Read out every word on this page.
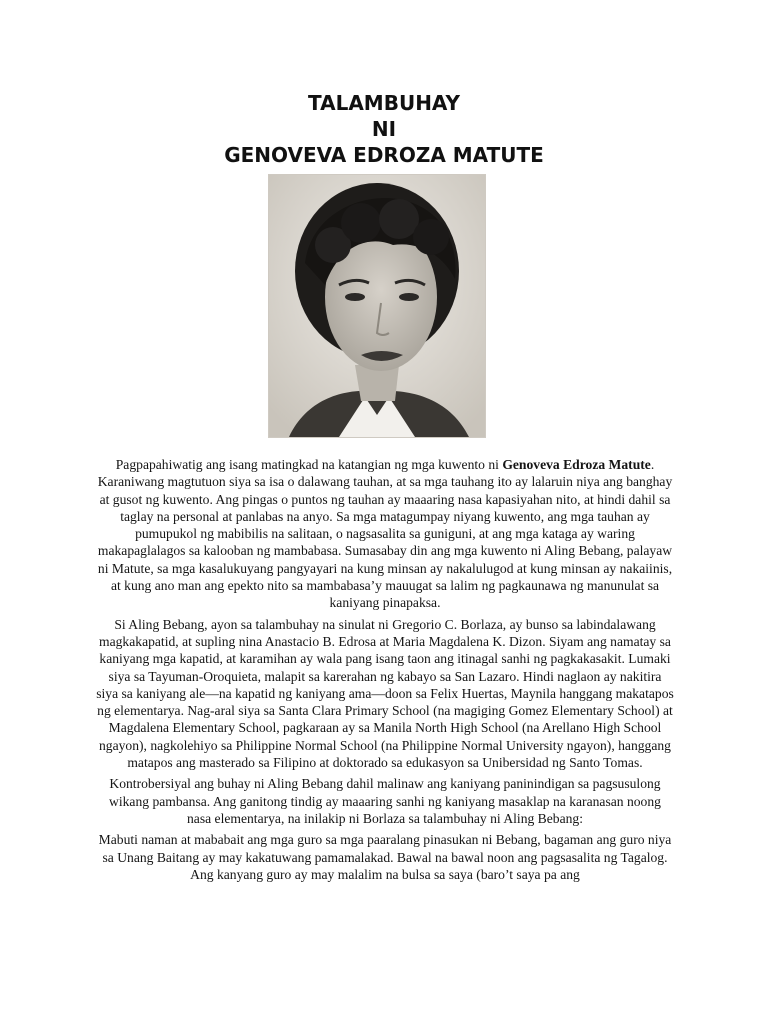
TALAMBUHAY
NI
GENOVEVA EDROZA MATUTE

Pagpapahiwatig ang isang matingkad na katangian ng mga kuwento ni Genoveva Edroza Matute. Karaniwang magtutuon siya sa isa o dalawang tauhan, at sa mga tauhang ito ay lalaruin niya ang banghay at gusot ng kuwento. Ang pingas o puntos ng tauhan ay maaaring nasa kapasiyahan nito, at hindi dahil sa taglay na personal at panlabas na anyo. Sa mga matagumpay niyang kuwento, ang mga tauhan ay pumupukol ng mabibilis na salitaan, o nagsasalita sa guniguni, at ang mga kataga ay waring makapaglalagos sa kalooban ng mambabasa. Sumasabay din ang mga kuwento ni Aling Bebang, palayaw ni Matute, sa mga kasalukuyang pangyayari na kung minsan ay nakalulugod at kung minsan ay nakaiinis, at kung ano man ang epekto nito sa mambabasa’y mauugat sa lalim ng pagkaunawa ng manunulat sa kaniyang pinapaksa.

Si Aling Bebang, ayon sa talambuhay na sinulat ni Gregorio C. Borlaza, ay bunso sa labindalawang magkakapatid, at supling nina Anastacio B. Edrosa at Maria Magdalena K. Dizon. Siyam ang namatay sa kaniyang mga kapatid, at karamihan ay wala pang isang taon ang itinagal sanhi ng pagkakasakit. Lumaki siya sa Tayuman-Oroquieta, malapit sa karerahan ng kabayo sa San Lazaro. Hindi naglaon ay nakitira siya sa kaniyang ale—na kapatid ng kaniyang ama—doon sa Felix Huertas, Maynila hanggang makatapos ng elementarya. Nag-aral siya sa Santa Clara Primary School (na magiging Gomez Elementary School) at Magdalena Elementary School, pagkaraan ay sa Manila North High School (na Arellano High School ngayon), nagkolehiyo sa Philippine Normal School (na Philippine Normal University ngayon), hanggang matapos ang masterado sa Filipino at doktorado sa edukasyon sa Unibersidad ng Santo Tomas.

Kontrobersiyal ang buhay ni Aling Bebang dahil malinaw ang kaniyang paninindigan sa pagsusulong wikang pambansa. Ang ganitong tindig ay maaaring sanhi ng kaniyang masaklap na karanasan noong nasa elementarya, na inilakip ni Borlaza sa talambuhay ni Aling Bebang:

Mabuti naman at mababait ang mga guro sa mga paaralang pinasukan ni Bebang, bagaman ang guro niya sa Unang Baitang ay may kakatuwang pamamalakad. Bawal na bawal noon ang pagsasalita ng Tagalog. Ang kanyang guro ay may malalim na bulsa sa saya (baro’t saya pa ang
